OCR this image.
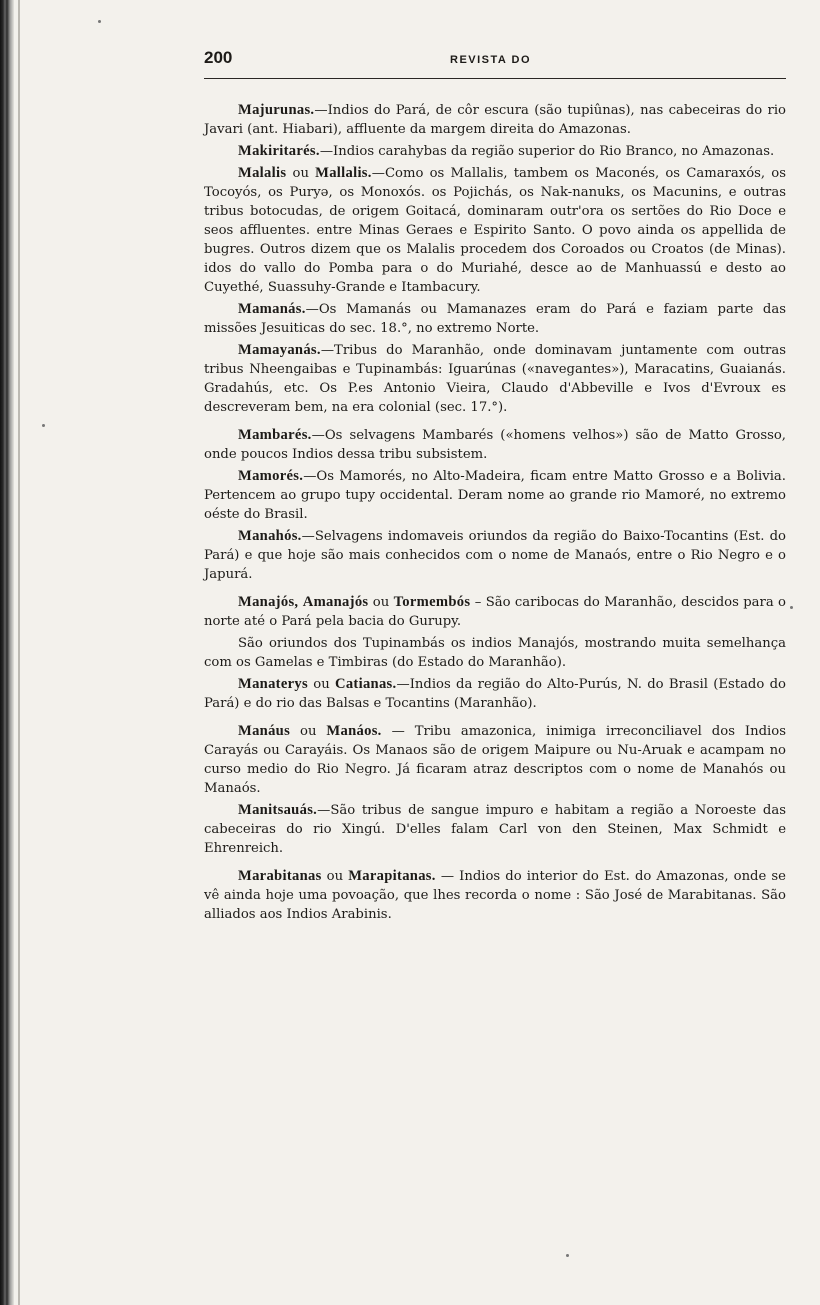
200	REVISTA DO

Majurunas.—Indios do Pará, de côr escura (são tupiûnas), nas cabeceiras do rio Javari (ant. Hiabari), affluente da margem direita do Amazonas.

Makiritarés.—Indios carahybas da região superior do Rio Branco, no Amazonas.

Malalis ou Mallalis.—Como os Mallalis, tambem os Maconés, os Camaraxós, os Tocoyós, os Puryə, os Monoxós. os Pojichás, os Nak-nanuks, os Macunins, e outras tribus botocudas, de origem Goitacá, dominaram outr'ora os sertões do Rio Doce e seos affluentes. entre Minas Geraes e Espirito Santo. O povo ainda os appellida de bugres. Outros dizem que os Malalis procedem dos Coroados ou Croatos (de Minas). idos do vallo do Pomba para o do Muriahé, desce ao de Manhuassú e desto ao Cuyethé, Suassuhy-Grande e Itambacury.

Mamanás.—Os Mamanás ou Mamanazes eram do Pará e faziam parte das missões Jesuiticas do sec. 18.°, no extremo Norte.

Mamayanás.—Tribus do Maranhão, onde dominavam juntamente com outras tribus Nheengaibas e Tupinambás: Iguarúnas («navegantes»), Maracatins, Guaianás. Gradahús, etc. Os P.es Antonio Vieira, Claudo d'Abbeville e Ivos d'Evroux es descreveram bem, na era colonial (sec. 17.°).

Mambarés.—Os selvagens Mambarés («homens velhos») são de Matto Grosso, onde poucos Indios dessa tribu subsistem.

Mamorés.—Os Mamorés, no Alto-Madeira, ficam entre Matto Grosso e a Bolivia. Pertencem ao grupo tupy occidental. Deram nome ao grande rio Mamoré, no extremo oéste do Brasil.

Manahós.—Selvagens indomaveis oriundos da região do Baixo-Tocantins (Est. do Pará) e que hoje são mais conhecidos com o nome de Manaós, entre o Rio Negro e o Japurá.

Manajós, Amanajós ou Tormembós – São caribocas do Maranhão, descidos para o norte até o Pará pela bacia do Gurupy.

São oriundos dos Tupinambás os indios Manajós, mostrando muita semelhança com os Gamelas e Timbiras (do Estado do Maranhão).

Manaterys ou Catianas.—Indios da região do Alto-Purús, N. do Brasil (Estado do Pará) e do rio das Balsas e Tocantins (Maranhão).

Manáus ou Manáos. — Tribu amazonica, inimiga irreconciliavel dos Indios Carayás ou Carayáis. Os Manaos são de origem Maipure ou Nu-Aruak e acampam no curso medio do Rio Negro. Já ficaram atraz descriptos com o nome de Manahós ou Manaós.

Manitsauás.—São tribus de sangue impuro e habitam a região a Noroeste das cabeceiras do rio Xingú. D'elles falam Carl von den Steinen, Max Schmidt e Ehrenreich.

Marabitanas ou Marapitanas. — Indios do interior do Est. do Amazonas, onde se vê ainda hoje uma povoação, que lhes recorda o nome : São José de Marabitanas. São alliados aos Indios Arabinis.
